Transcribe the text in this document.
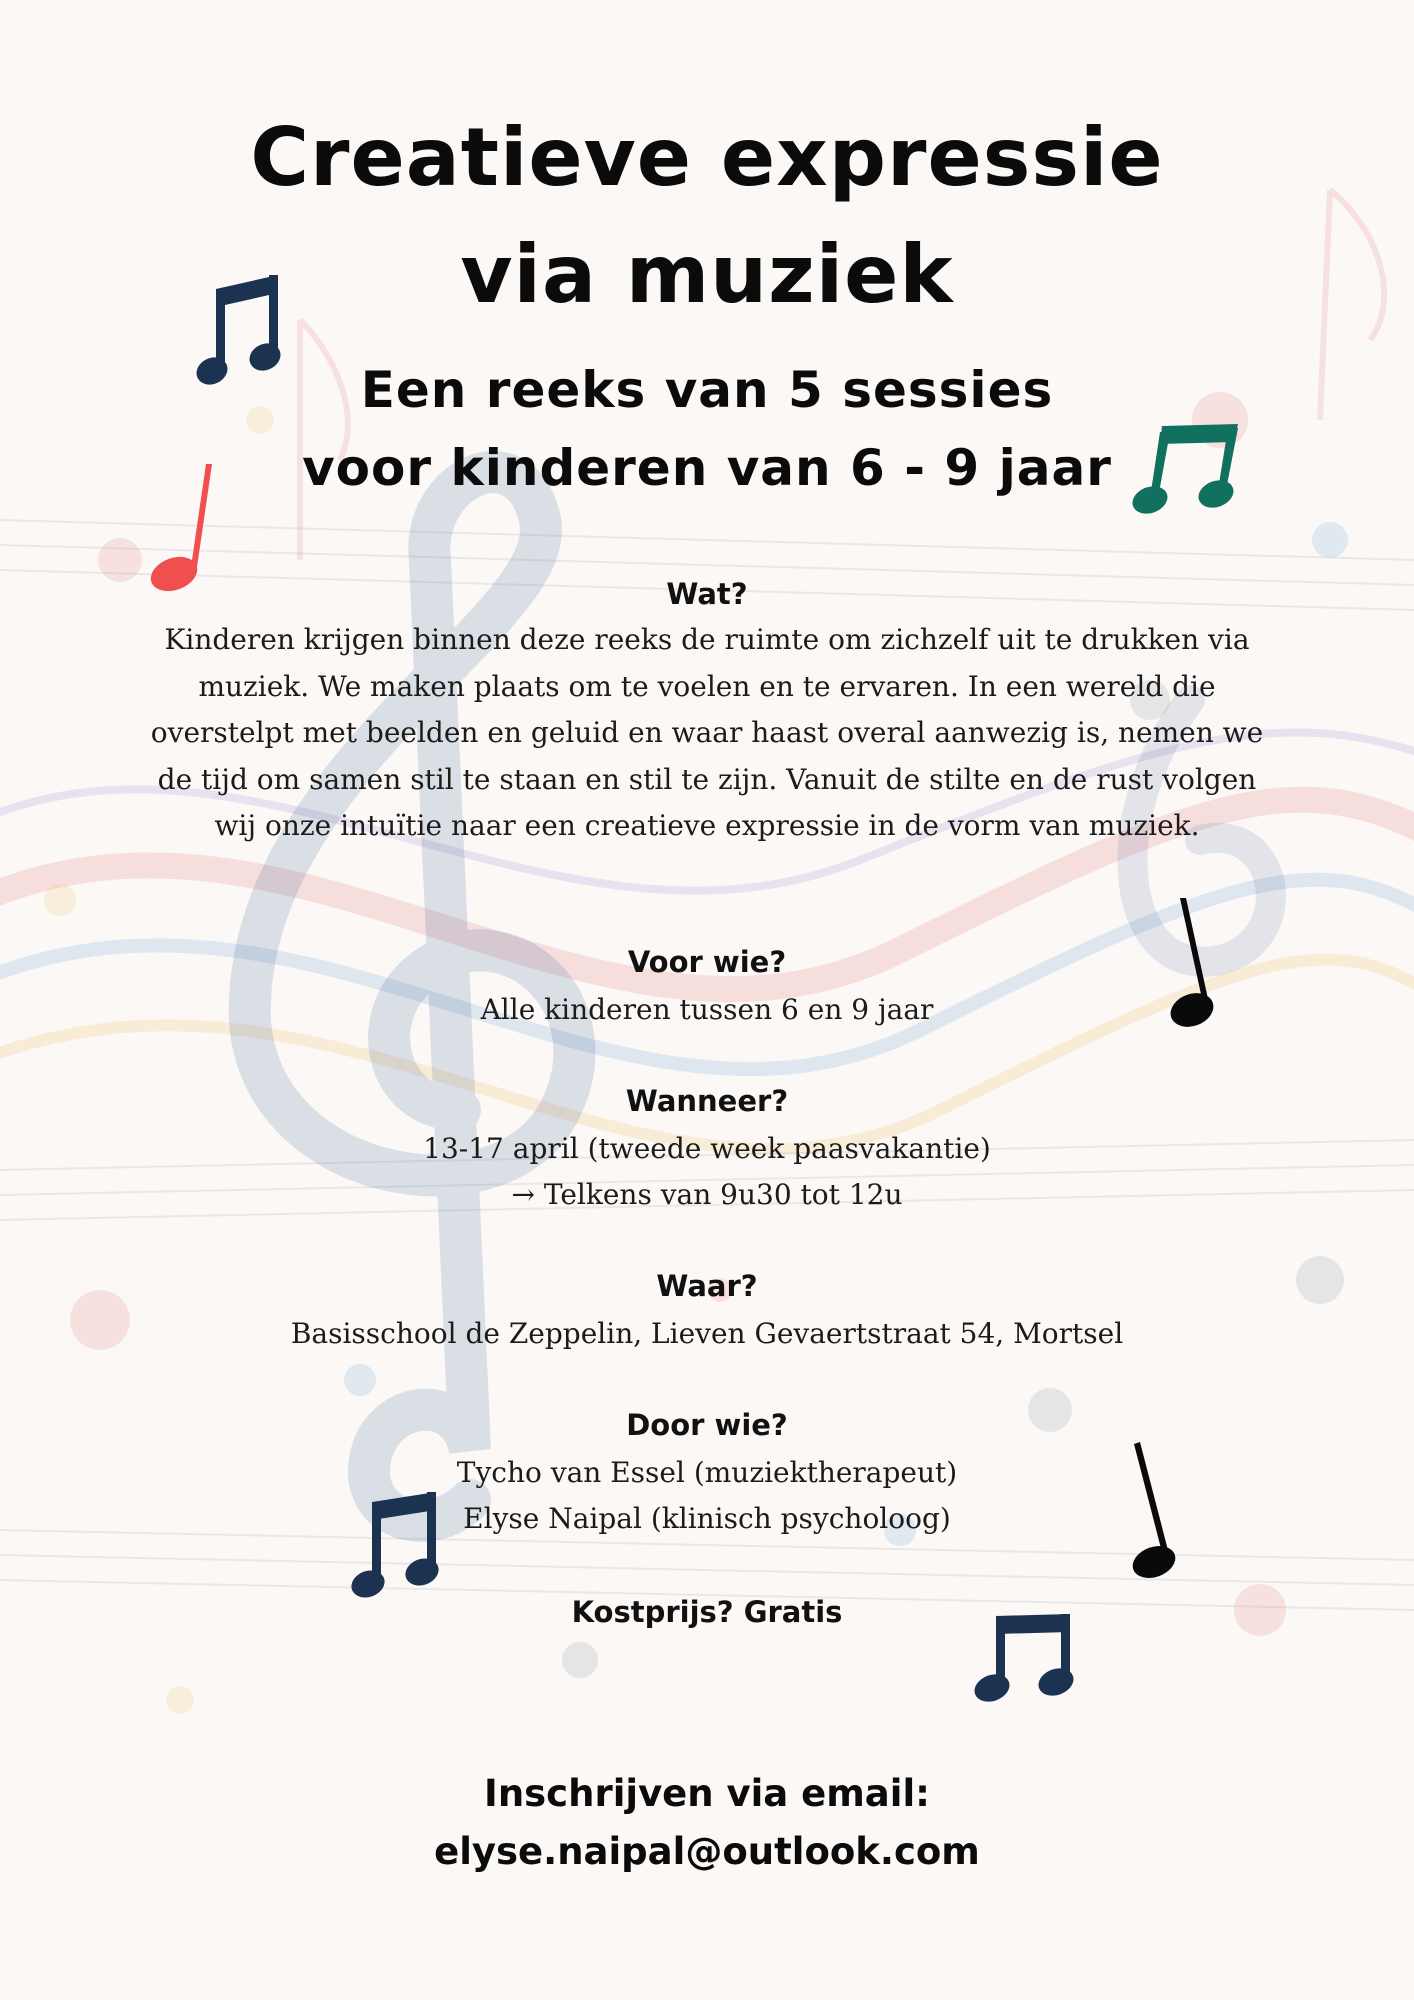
Creatieve expressie
via muziek
Een reeks van 5 sessies
voor kinderen van 6 - 9 jaar
Wat?
Kinderen krijgen binnen deze reeks de ruimte om zichzelf uit te drukken via muziek. We maken plaats om te voelen en te ervaren. In een wereld die overstelpt met beelden en geluid en waar haast overal aanwezig is, nemen we de tijd om samen stil te staan en stil te zijn. Vanuit de stilte en de rust volgen wij onze intuïtie naar een creatieve expressie in de vorm van muziek.
Voor wie?
Alle kinderen tussen 6 en 9 jaar
Wanneer?
13-17 april (tweede week paasvakantie)
→ Telkens van 9u30 tot 12u
Waar?
Basisschool de Zeppelin, Lieven Gevaertstraat 54, Mortsel
Door wie?
Tycho van Essel (muziektherapeut)
Elyse Naipal (klinisch psycholoog)
Kostprijs? Gratis
Inschrijven via email:
elyse.naipal@outlook.com
